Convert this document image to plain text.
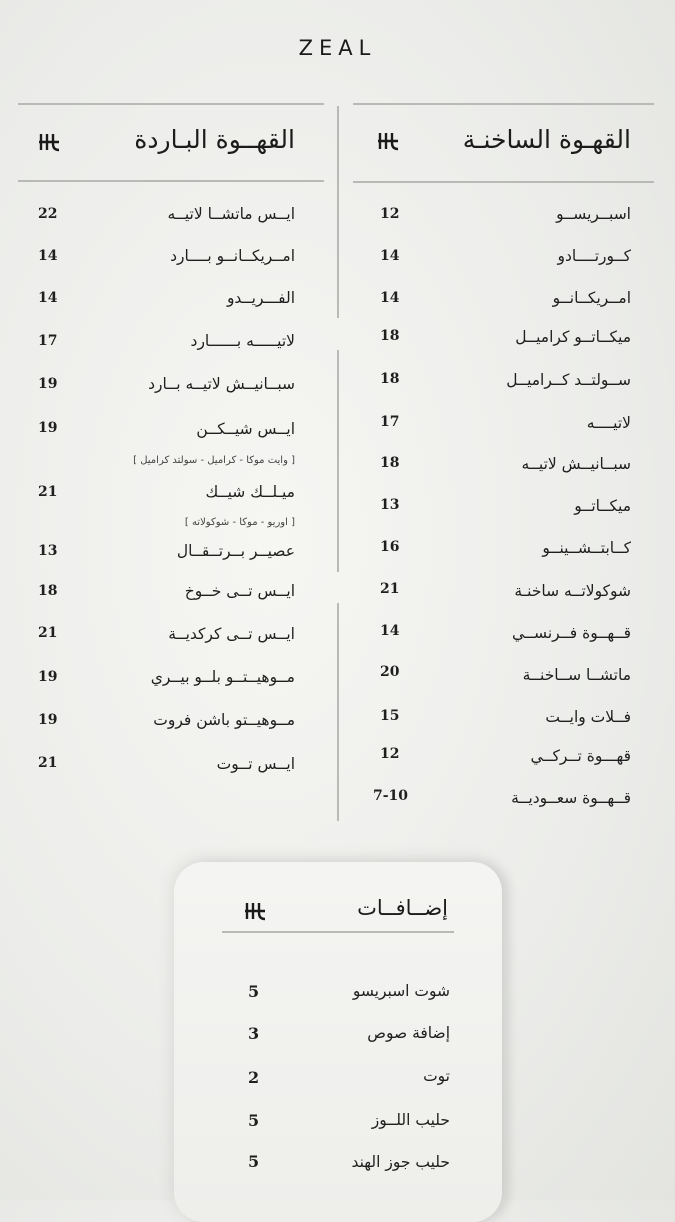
ZEAL
القهــوة البـاردة	القهـوة الساخنـة
ايــس ماتشــا لاتيــه
22
امــريكــانــو بــــارد
14
الفـــريــدو
14
لاتيـــــه بــــــارد
17
سبــانيــش لاتيــه بــارد
19
ايــس شيــكــن
19
[ وايت موكا - كراميل - سولتد كراميل ]
ميـلــك شيــك
21
[ اوريو - موكا - شوكولاته ]
عصيــر بــرتــقــال
13
ايــس تــى خــوخ
18
ايــس تــى كركديــة
21
مــوهيــتــو بلــو بيــري
19
مــوهيــتو باشن فروت
19
ايــس تــوت
21
اسبــريســو
12
كــورتــــادو
14
امــريكــانــو
14
ميكــاتــو كراميــل
18
ســولتــد كــراميــل
18
لاتيــــه
17
سبــانيــش لاتيــه
18
ميكــاتــو
13
كــابتــشــينــو
16
شوكولاتــه ساخنـة
21
قــهــوة فــرنســي
14
ماتشــا ســاخنــة
20
فــلات وايــت
15
قهـــوة تــركــي
12
قــهــوة سعــوديــة
7-10
إضــافــات
شوت اسبريسو
5
إضافة صوص
3
توت
2
حليب اللــوز
5
حليب جوز الهند
5
